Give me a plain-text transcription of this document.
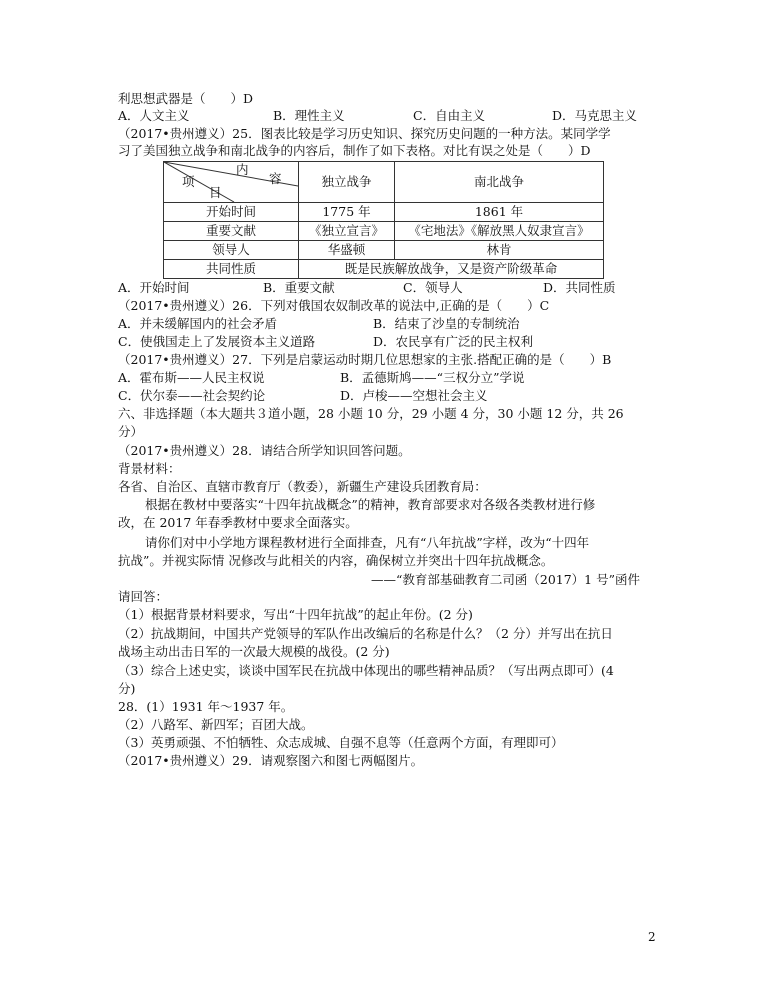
利思想武器是（　　）D
A．人文主义	B．理性主义	C．自由主义	D．马克思主义
（2017•贵州遵义）25．图表比较是学习历史知识、探究历史问题的一种方法。某同学学
习了美国独立战争和南北战争的内容后，制作了如下表格。对比有误之处是（　　）D
内
容
项
目	独立战争	南北战争
开始时间	1775 年	1861 年
重要文献	《独立宣言》	《宅地法》《解放黑人奴隶宣言》
领导人	华盛顿	林肯
共同性质	既是民族解放战争，又是资产阶级革命	
A．开始时间	B．重要文献	C．领导人	D．共同性质
（2017•贵州遵义）26．下列对俄国农奴制改革的说法中,正确的是（　　）C
A．并未缓解国内的社会矛盾	B．结束了沙皇的专制统治
C．使俄国走上了发展资本主义道路	D．农民享有广泛的民主权利
（2017•贵州遵义）27．下列是启蒙运动时期几位思想家的主张.搭配正确的是（　　）B
A．霍布斯——人民主权说	B．孟德斯鸠——“三权分立”学说
C．伏尔泰——社会契约论	D．卢梭——空想社会主义
六、非选择题（本大题共３道小题，28 小题 10 分，29 小题 4 分，30 小题 12 分，共 26
分）
（2017•贵州遵义）28．请结合所学知识回答问题。
背景材料：
各省、自治区、直辖市教育厅（教委），新疆生产建设兵团教育局：
根据在教材中要落实“十四年抗战概念”的精神，教育部要求对各级各类教材进行修
改，在 2017 年春季教材中要求全面落实。
请你们对中小学地方课程教材进行全面排查，凡有“八年抗战”字样，改为“十四年
抗战”。并视实际情 况修改与此相关的内容，确保树立并突出十四年抗战概念。
——“教育部基础教育二司函（2017）1 号”函件
请回答：
（1）根据背景材料要求，写出“十四年抗战”的起止年份。(2 分)
（2）抗战期间，中国共产党领导的军队作出改编后的名称是什么？（2 分）并写出在抗日
战场主动出击日军的一次最大规模的战役。(2 分)
（3）综合上述史实，谈谈中国军民在抗战中体现出的哪些精神品质？（写出两点即可）(4
分)
28．(1）1931 年～1937 年。
（2）八路军、新四军；百团大战。
（3）英勇顽强、不怕牺牲、众志成城、自强不息等（任意两个方面，有理即可）
（2017•贵州遵义）29．请观察图六和图七两幅图片。
2
